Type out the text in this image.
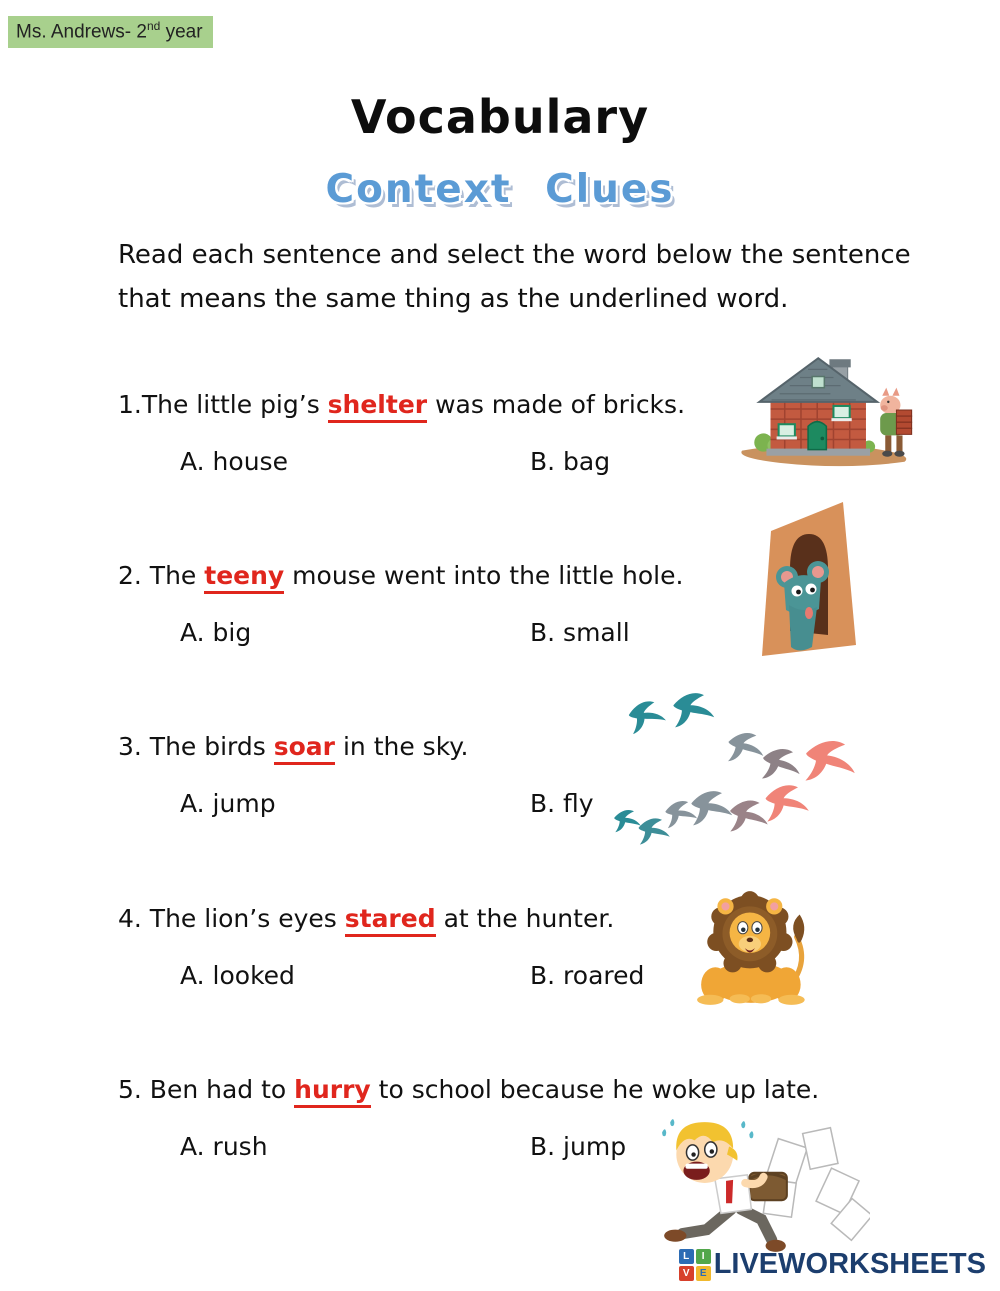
Ms. Andrews- 2nd year
Vocabulary
Context Clues
Read each sentence and select the word below the sentence
that means the same thing as the underlined word.
1.The little pig’s shelter was made of bricks.
A. house	B. bag
2. The teeny mouse went into the little hole.
A. big	B. small
3. The birds soar in the sky.
A. jump	B. fly
4. The lion’s eyes stared at the hunter.
A. looked	B. roared
5. Ben had to hurry to school because he woke up late.
A. rush	B. jump
L	I
V	E LIVEWORKSHEETS
